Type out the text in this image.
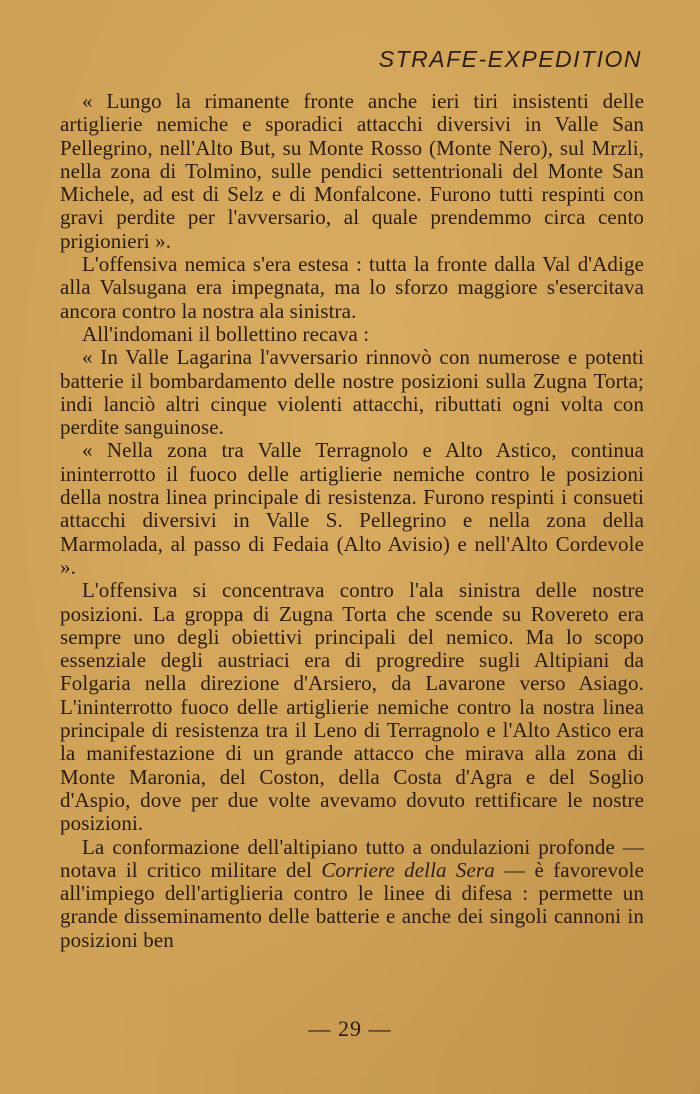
STRAFE-EXPEDITION

« Lungo la rimanente fronte anche ieri tiri insistenti delle artiglierie nemiche e sporadici attacchi diversivi in Valle San Pellegrino, nell'Alto But, su Monte Rosso (Monte Nero), sul Mrzli, nella zona di Tolmino, sulle pendici settentrionali del Monte San Michele, ad est di Selz e di Monfalcone. Furono tutti respinti con gravi perdite per l'avversario, al quale prendemmo circa cento prigionieri ».

L'offensiva nemica s'era estesa : tutta la fronte dalla Val d'Adige alla Valsugana era impegnata, ma lo sforzo maggiore s'esercitava ancora contro la nostra ala sinistra.

All'indomani il bollettino recava :

« In Valle Lagarina l'avversario rinnovò con numerose e potenti batterie il bombardamento delle nostre posizioni sulla Zugna Torta; indi lanciò altri cinque violenti attacchi, ributtati ogni volta con perdite sanguinose.

« Nella zona tra Valle Terragnolo e Alto Astico, continua ininterrotto il fuoco delle artiglierie nemiche contro le posizioni della nostra linea principale di resistenza. Furono respinti i consueti attacchi diversivi in Valle S. Pellegrino e nella zona della Marmolada, al passo di Fedaia (Alto Avisio) e nell'Alto Cordevole ».

L'offensiva si concentrava contro l'ala sinistra delle nostre posizioni. La groppa di Zugna Torta che scende su Rovereto era sempre uno degli obiettivi principali del nemico. Ma lo scopo essenziale degli austriaci era di progredire sugli Altipiani da Folgaria nella direzione d'Arsiero, da Lavarone verso Asiago. L'ininterrotto fuoco delle artiglierie nemiche contro la nostra linea principale di resistenza tra il Leno di Terragnolo e l'Alto Astico era la manifestazione di un grande attacco che mirava alla zona di Monte Maronia, del Coston, della Costa d'Agra e del Soglio d'Aspio, dove per due volte avevamo dovuto rettificare le nostre posizioni.

La conformazione dell'altipiano tutto a ondulazioni profonde — notava il critico militare del Corriere della Sera — è favorevole all'impiego dell'artiglieria contro le linee di difesa : permette un grande disseminamento delle batterie e anche dei singoli cannoni in posizioni ben

— 29 —
